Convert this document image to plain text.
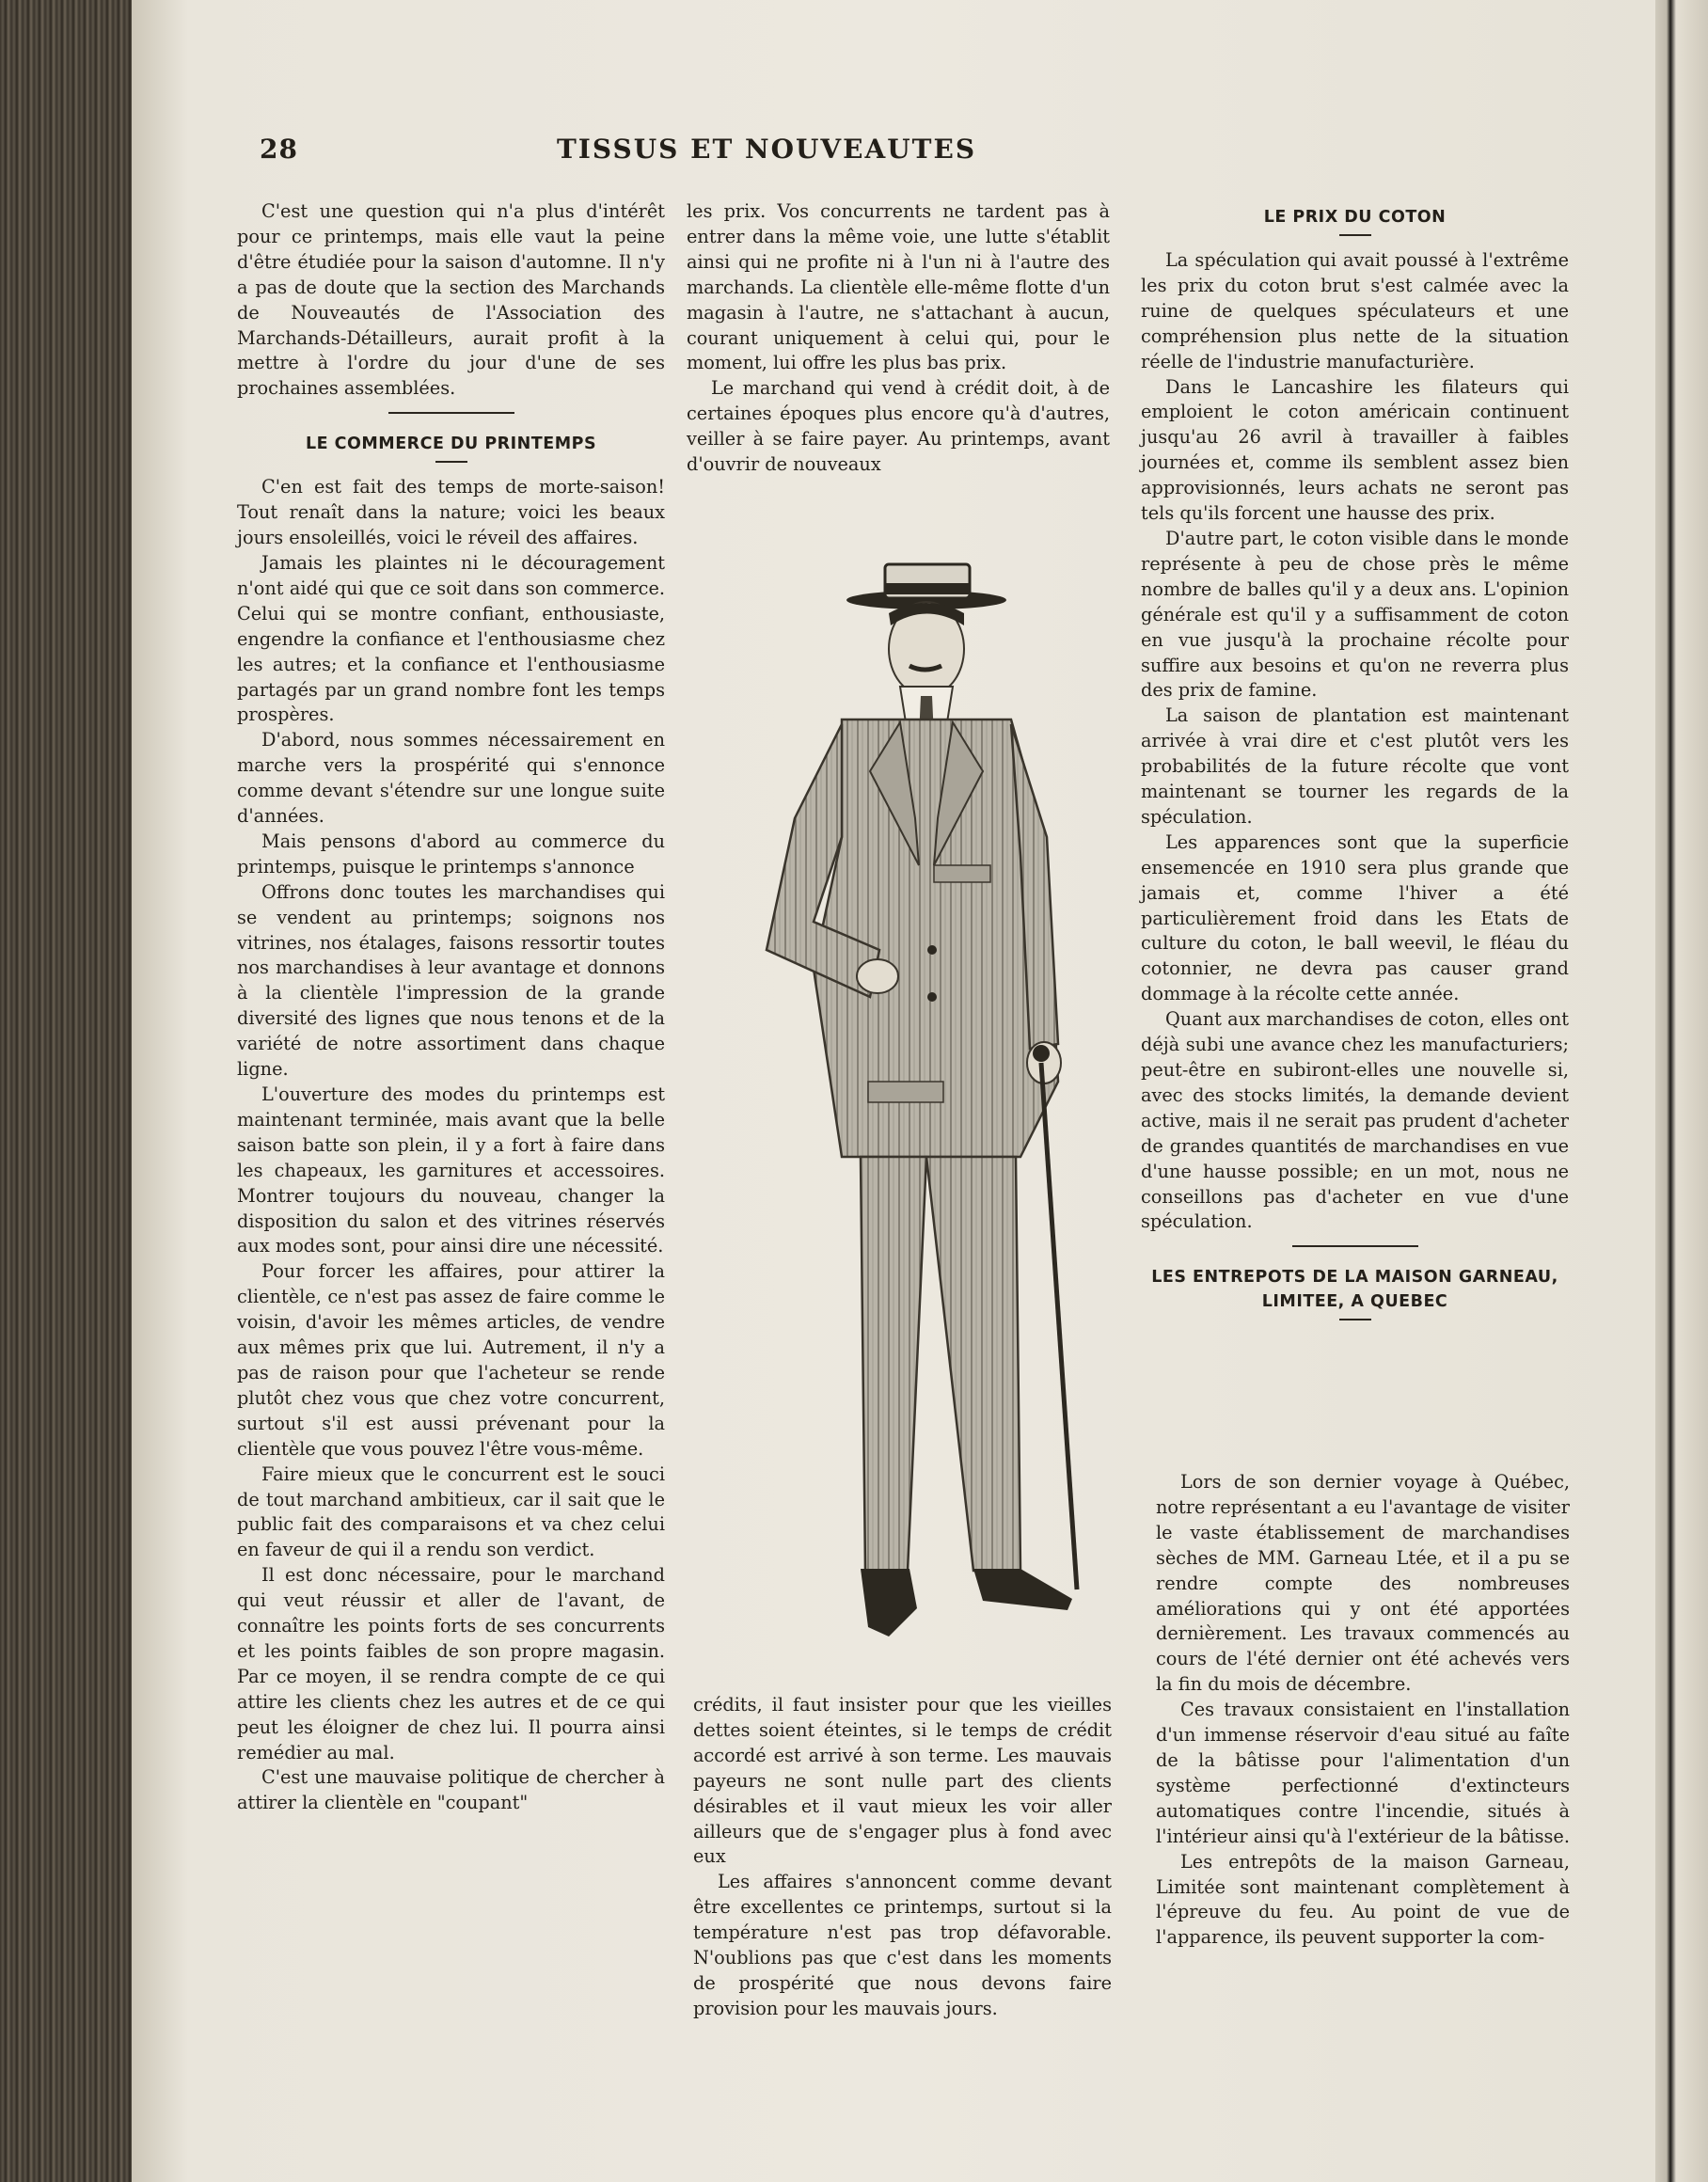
28	TISSUS ET NOUVEAUTES

C'est une question qui n'a plus d'intérêt pour ce printemps, mais elle vaut la peine d'être étudiée pour la saison d'automne. Il n'y a pas de doute que la section des Marchands de Nouveautés de l'Association des Marchands-Détailleurs, aurait profit à la mettre à l'ordre du jour d'une de ses prochaines assemblées.

LE COMMERCE DU PRINTEMPS

C'en est fait des temps de morte-saison! Tout renaît dans la nature; voici les beaux jours ensoleillés, voici le réveil des affaires.

Jamais les plaintes ni le découragement n'ont aidé qui que ce soit dans son commerce. Celui qui se montre confiant, enthousiaste, engendre la confiance et l'enthousiasme chez les autres; et la confiance et l'enthousiasme partagés par un grand nombre font les temps prospères.

D'abord, nous sommes nécessairement en marche vers la prospérité qui s'ennonce comme devant s'étendre sur une longue suite d'années.

Mais pensons d'abord au commerce du printemps, puisque le printemps s'annonce

Offrons donc toutes les marchandises qui se vendent au printemps; soignons nos vitrines, nos étalages, faisons ressortir toutes nos marchandises à leur avantage et donnons à la clientèle l'impression de la grande diversité des lignes que nous tenons et de la variété de notre assortiment dans chaque ligne.

L'ouverture des modes du printemps est maintenant terminée, mais avant que la belle saison batte son plein, il y a fort à faire dans les chapeaux, les garnitures et accessoires. Montrer toujours du nouveau, changer la disposition du salon et des vitrines réservés aux modes sont, pour ainsi dire une nécessité.

Pour forcer les affaires, pour attirer la clientèle, ce n'est pas assez de faire comme le voisin, d'avoir les mêmes articles, de vendre aux mêmes prix que lui. Autrement, il n'y a pas de raison pour que l'acheteur se rende plutôt chez vous que chez votre concurrent, surtout s'il est aussi prévenant pour la clientèle que vous pouvez l'être vous-même.

Faire mieux que le concurrent est le souci de tout marchand ambitieux, car il sait que le public fait des comparaisons et va chez celui en faveur de qui il a rendu son verdict.

Il est donc nécessaire, pour le marchand qui veut réussir et aller de l'avant, de connaître les points forts de ses concurrents et les points faibles de son propre magasin. Par ce moyen, il se rendra compte de ce qui attire les clients chez les autres et de ce qui peut les éloigner de chez lui. Il pourra ainsi remédier au mal.

C'est une mauvaise politique de chercher à attirer la clientèle en "coupant"

les prix. Vos concurrents ne tardent pas à entrer dans la même voie, une lutte s'établit ainsi qui ne profite ni à l'un ni à l'autre des marchands. La clientèle elle-même flotte d'un magasin à l'autre, ne s'attachant à aucun, courant uniquement à celui qui, pour le moment, lui offre les plus bas prix.

Le marchand qui vend à crédit doit, à de certaines époques plus encore qu'à d'autres, veiller à se faire payer. Au printemps, avant d'ouvrir de nouveaux

crédits, il faut insister pour que les vieilles dettes soient éteintes, si le temps de crédit accordé est arrivé à son terme. Les mauvais payeurs ne sont nulle part des clients désirables et il vaut mieux les voir aller ailleurs que de s'engager plus à fond avec eux

Les affaires s'annoncent comme devant être excellentes ce printemps, surtout si la température n'est pas trop défavorable. N'oublions pas que c'est dans les moments de prospérité que nous devons faire provision pour les mauvais jours.

LE PRIX DU COTON

La spéculation qui avait poussé à l'extrême les prix du coton brut s'est calmée avec la ruine de quelques spéculateurs et une compréhension plus nette de la situation réelle de l'industrie manufacturière.

Dans le Lancashire les filateurs qui emploient le coton américain continuent jusqu'au 26 avril à travailler à faibles journées et, comme ils semblent assez bien approvisionnés, leurs achats ne seront pas tels qu'ils forcent une hausse des prix.

D'autre part, le coton visible dans le monde représente à peu de chose près le même nombre de balles qu'il y a deux ans. L'opinion générale est qu'il y a suffisamment de coton en vue jusqu'à la prochaine récolte pour suffire aux besoins et qu'on ne reverra plus des prix de famine.

La saison de plantation est maintenant arrivée à vrai dire et c'est plutôt vers les probabilités de la future récolte que vont maintenant se tourner les regards de la spéculation.

Les apparences sont que la superficie ensemencée en 1910 sera plus grande que jamais et, comme l'hiver a été particulièrement froid dans les Etats de culture du coton, le ball weevil, le fléau du cotonnier, ne devra pas causer grand dommage à la récolte cette année.

Quant aux marchandises de coton, elles ont déjà subi une avance chez les manufacturiers; peut-être en subiront-elles une nouvelle si, avec des stocks limités, la demande devient active, mais il ne serait pas prudent d'acheter de grandes quantités de marchandises en vue d'une hausse possible; en un mot, nous ne conseillons pas d'acheter en vue d'une spéculation.

LES ENTREPOTS DE LA MAISON GARNEAU, LIMITEE, A QUEBEC

Lors de son dernier voyage à Québec, notre représentant a eu l'avantage de visiter le vaste établissement de marchandises sèches de MM. Garneau Ltée, et il a pu se rendre compte des nombreuses améliorations qui y ont été apportées dernièrement. Les travaux commencés au cours de l'été dernier ont été achevés vers la fin du mois de décembre.

Ces travaux consistaient en l'installation d'un immense réservoir d'eau situé au faîte de la bâtisse pour l'alimentation d'un système perfectionné d'extincteurs automatiques contre l'incendie, situés à l'intérieur ainsi qu'à l'extérieur de la bâtisse.

Les entrepôts de la maison Garneau, Limitée sont maintenant complètement à l'épreuve du feu. Au point de vue de l'apparence, ils peuvent supporter la com-
